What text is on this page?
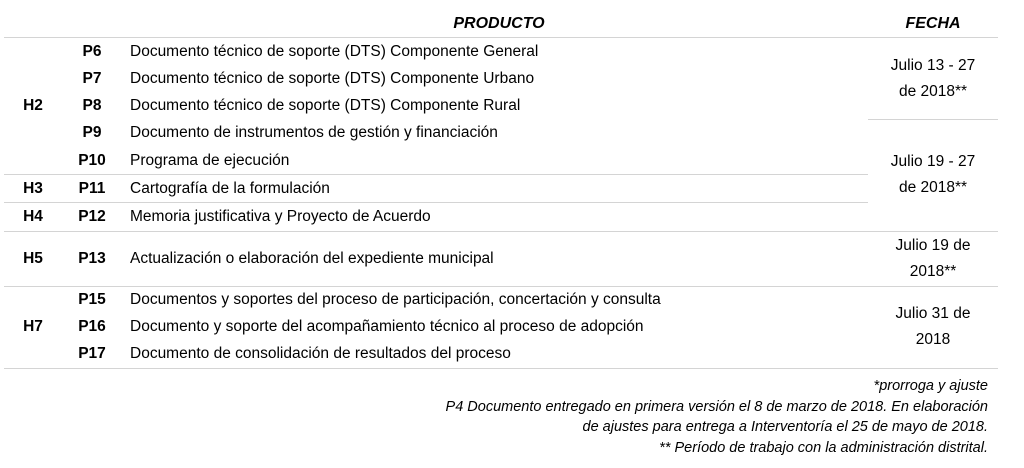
		PRODUCTO	FECHA
H2	P6	Documento técnico de soporte (DTS) Componente General	Julio 13 - 27
de 2018**

	P7	Documento técnico de soporte (DTS) Componente Urbano	
	P8	Documento técnico de soporte (DTS) Componente Rural	
	P9	Documento de instrumentos de gestión y financiación	Julio 19 - 27
de 2018**

	P10	Programa de ejecución	
H3	P11	Cartografía de la formulación	
H4	P12	Memoria justificativa y Proyecto de Acuerdo	
H5	P13	Actualización o elaboración del expediente municipal	Julio 19 de
2018**

H7	P15	Documentos y soportes del proceso de participación, concertación y consulta	Julio 31 de
2018

	P16	Documento y soporte del acompañamiento técnico al proceso de adopción	
	P17	Documento de consolidación de resultados del proceso	
*prorroga y ajuste
P4 Documento entregado en primera versión el 8 de marzo de 2018. En elaboración
de ajustes para entrega a Interventoría el 25 de mayo de 2018.
** Período de trabajo con la administración distrital.
